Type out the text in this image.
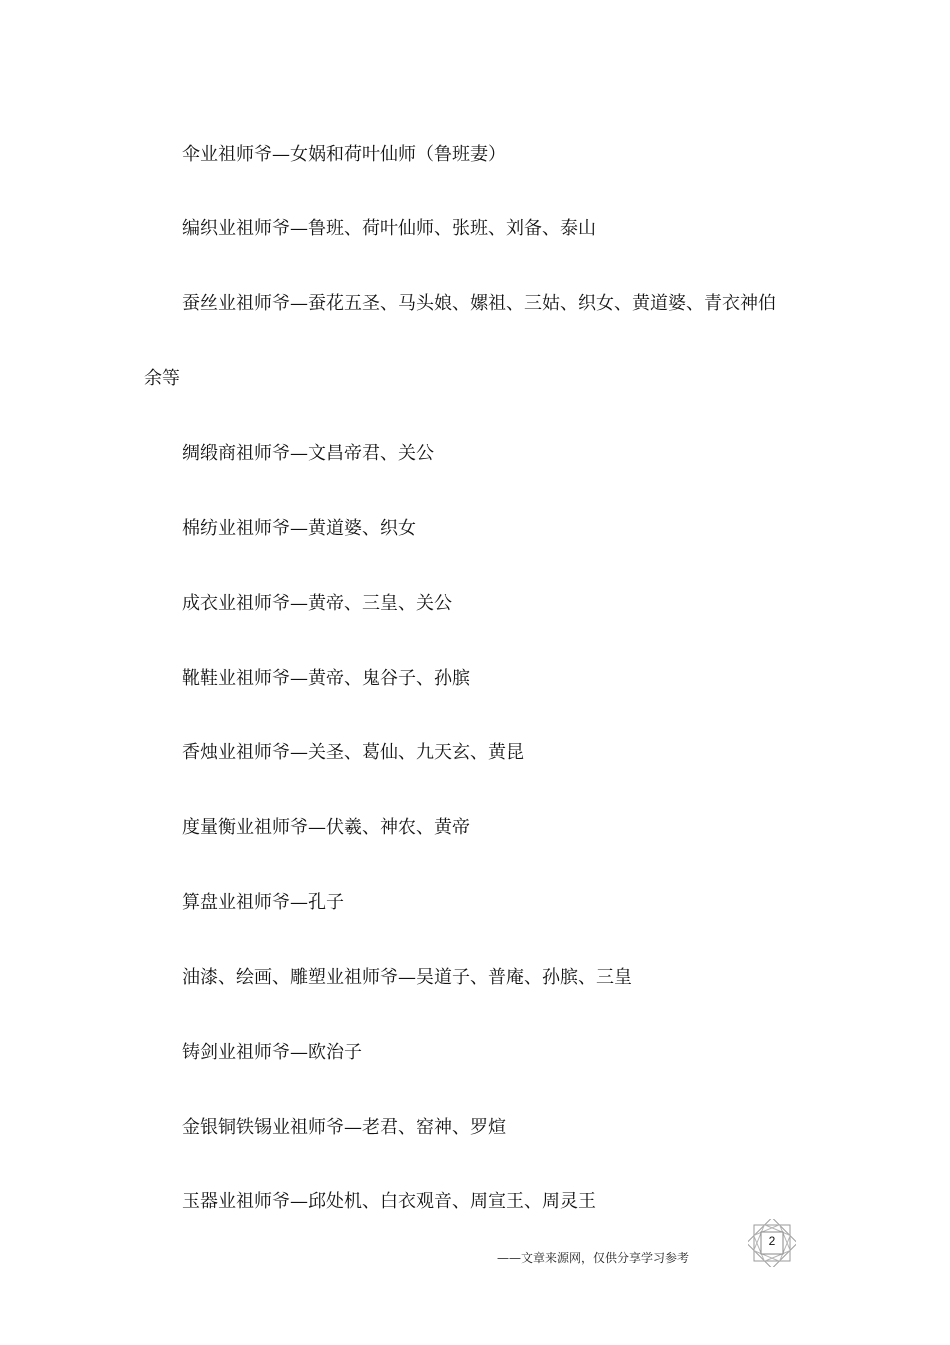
伞业祖师爷—女娲和荷叶仙师（鲁班妻）
编织业祖师爷—鲁班、荷叶仙师、张班、刘备、泰山
蚕丝业祖师爷—蚕花五圣、马头娘、嫘祖、三姑、织女、黄道婆、青衣神伯
余等
绸缎商祖师爷—文昌帝君、关公
棉纺业祖师爷—黄道婆、织女
成衣业祖师爷—黄帝、三皇、关公
靴鞋业祖师爷—黄帝、鬼谷子、孙膑
香烛业祖师爷—关圣、葛仙、九天玄、黄昆
度量衡业祖师爷—伏羲、神农、黄帝
算盘业祖师爷—孔子
油漆、绘画、雕塑业祖师爷—吴道子、普庵、孙膑、三皇
铸剑业祖师爷—欧治子
金银铜铁锡业祖师爷—老君、窑神、罗煊
玉器业祖师爷—邱处机、白衣观音、周宣王、周灵王
2
——文章来源网，仅供分享学习参考
